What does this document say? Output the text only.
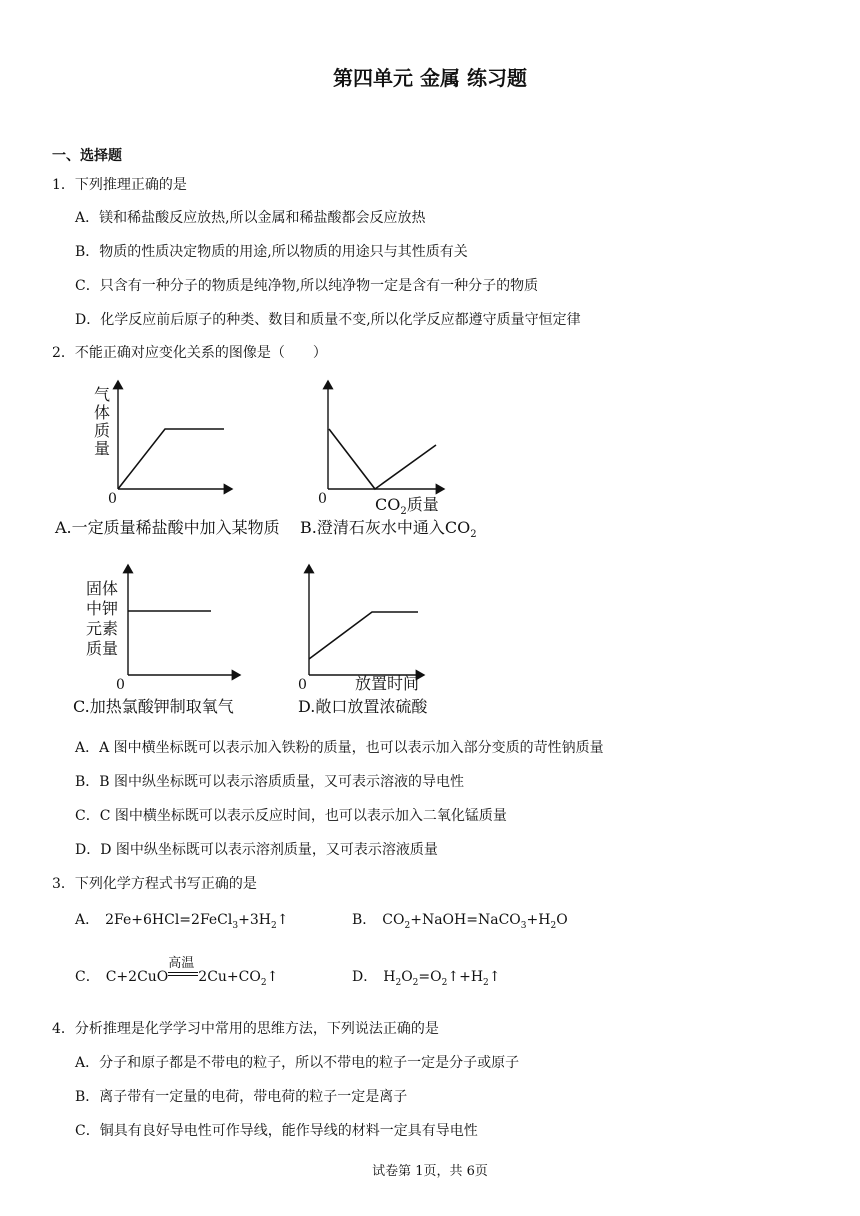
第四单元 金属 练习题
一、选择题
1．下列推理正确的是
A．镁和稀盐酸反应放热,所以金属和稀盐酸都会反应放热
B．物质的性质决定物质的用途,所以物质的用途只与其性质有关
C．只含有一种分子的物质是纯净物,所以纯净物一定是含有一种分子的物质
D．化学反应前后原子的种类、数目和质量不变,所以化学反应都遵守质量守恒定律
2．不能正确对应变化关系的图像是（　　）
气
体
质
量
0
A.一定质量稀盐酸中加入某物质
0	$CO_2$质量
B.澄清石灰水中通入$CO_2$
固体
中钾
元素
质量
0
C.加热氯酸钾制取氧气
0	放置时间
D.敞口放置浓硫酸
A．A 图中横坐标既可以表示加入铁粉的质量，也可以表示加入部分变质的苛性钠质量
B．B 图中纵坐标既可以表示溶质质量，又可表示溶液的导电性
C．C 图中横坐标既可以表示反应时间，也可以表示加入二氧化锰质量
D．D 图中纵坐标既可以表示溶剂质量，又可表示溶液质量
3．下列化学方程式书写正确的是
A． $2Fe+6HCl=2FeCl_3+3H_2↑$	B． $CO_2+NaOH=NaCO_3+H_2O$
C． C+2CuO
高温
$2Cu+CO_2↑$	D． $H_2O_2=O_2↑+H_2↑$
4．分析推理是化学学习中常用的思维方法，下列说法正确的是
A．分子和原子都是不带电的粒子，所以不带电的粒子一定是分子或原子
B．离子带有一定量的电荷，带电荷的粒子一定是离子
C．铜具有良好导电性可作导线，能作导线的材料一定具有导电性
试卷第 1页，共 6页
